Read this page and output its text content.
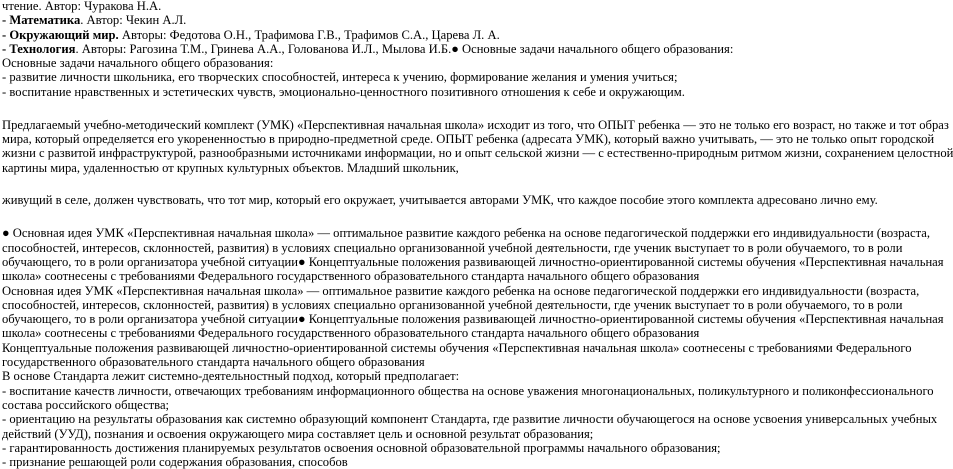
чтение. Автор: Чуракова Н.А.
- Математика. Автор: Чекин А.Л.
- Окружающий мир. Авторы: Федотова О.Н., Трафимова Г.В., Трафимов С.А., Царева Л. А.
- Технология. Авторы: Рагозина Т.М., Гринева А.А., Голованова И.Л., Мылова И.Б.● Основные задачи начального общего образования:
Основные задачи начального общего образования:
- развитие личности школьника, его творческих способностей, интереса к учению, формирование желания и умения учиться;
- воспитание нравственных и эстетических чувств, эмоционально-ценностного позитивного отношения к себе и окружающим.
Предлагаемый учебно-методический комплект (УМК) «Перспективная начальная школа» исходит из того, что ОПЫТ ребенка — это не только его возраст, но также и тот образ
мира, который определяется его укорененностью в природно-предметной среде. ОПЫТ ребенка (адресата УМК), который важно учитывать, — это не только опыт городской
жизни с развитой инфраструктурой, разнообразными источниками информации, но и опыт сельской жизни — с естественно-природным ритмом жизни, сохранением целостной
картины мира, удаленностью от крупных культурных объектов. Младший школьник,
живущий в селе, должен чувствовать, что тот мир, который его окружает, учитывается авторами УМК, что каждое пособие этого комплекта адресовано лично ему.
● Основная идея УМК «Перспективная начальная школа» — оптимальное развитие каждого ребенка на основе педагогической поддержки его индивидуальности (возраста,
способностей, интересов, склонностей, развития) в условиях специально организованной учебной деятельности, где ученик выступает то в роли обучаемого, то в роли
обучающего, то в роли организатора учебной ситуации● Концептуальные положения развивающей личностно-ориентированной системы обучения «Перспективная начальная
школа» соотнесены с требованиями Федерального государственного образовательного стандарта начального общего образования
Основная идея УМК «Перспективная начальная школа» — оптимальное развитие каждого ребенка на основе педагогической поддержки его индивидуальности (возраста,
способностей, интересов, склонностей, развития) в условиях специально организованной учебной деятельности, где ученик выступает то в роли обучаемого, то в роли
обучающего, то в роли организатора учебной ситуации● Концептуальные положения развивающей личностно-ориентированной системы обучения «Перспективная начальная
школа» соотнесены с требованиями Федерального государственного образовательного стандарта начального общего образования
Концептуальные положения развивающей личностно-ориентированной системы обучения «Перспективная начальная школа» соотнесены с требованиями Федерального
государственного образовательного стандарта начального общего образования
В основе Стандарта лежит системно-деятельностный подход, который предполагает:
- воспитание качеств личности, отвечающих требованиям информационного общества на основе уважения многонациональных, поликультурного и поликонфессионального
состава российского общества;
- ориентацию на результаты образования как системно образующий компонент Стандарта, где развитие личности обучающегося на основе усвоения универсальных учебных
действий (УУД), познания и освоения окружающего мира составляет цель и основной результат образования;
- гарантированность достижения планируемых результатов освоения основной образовательной программы начального образования;
- признание решающей роли содержания образования, способов
